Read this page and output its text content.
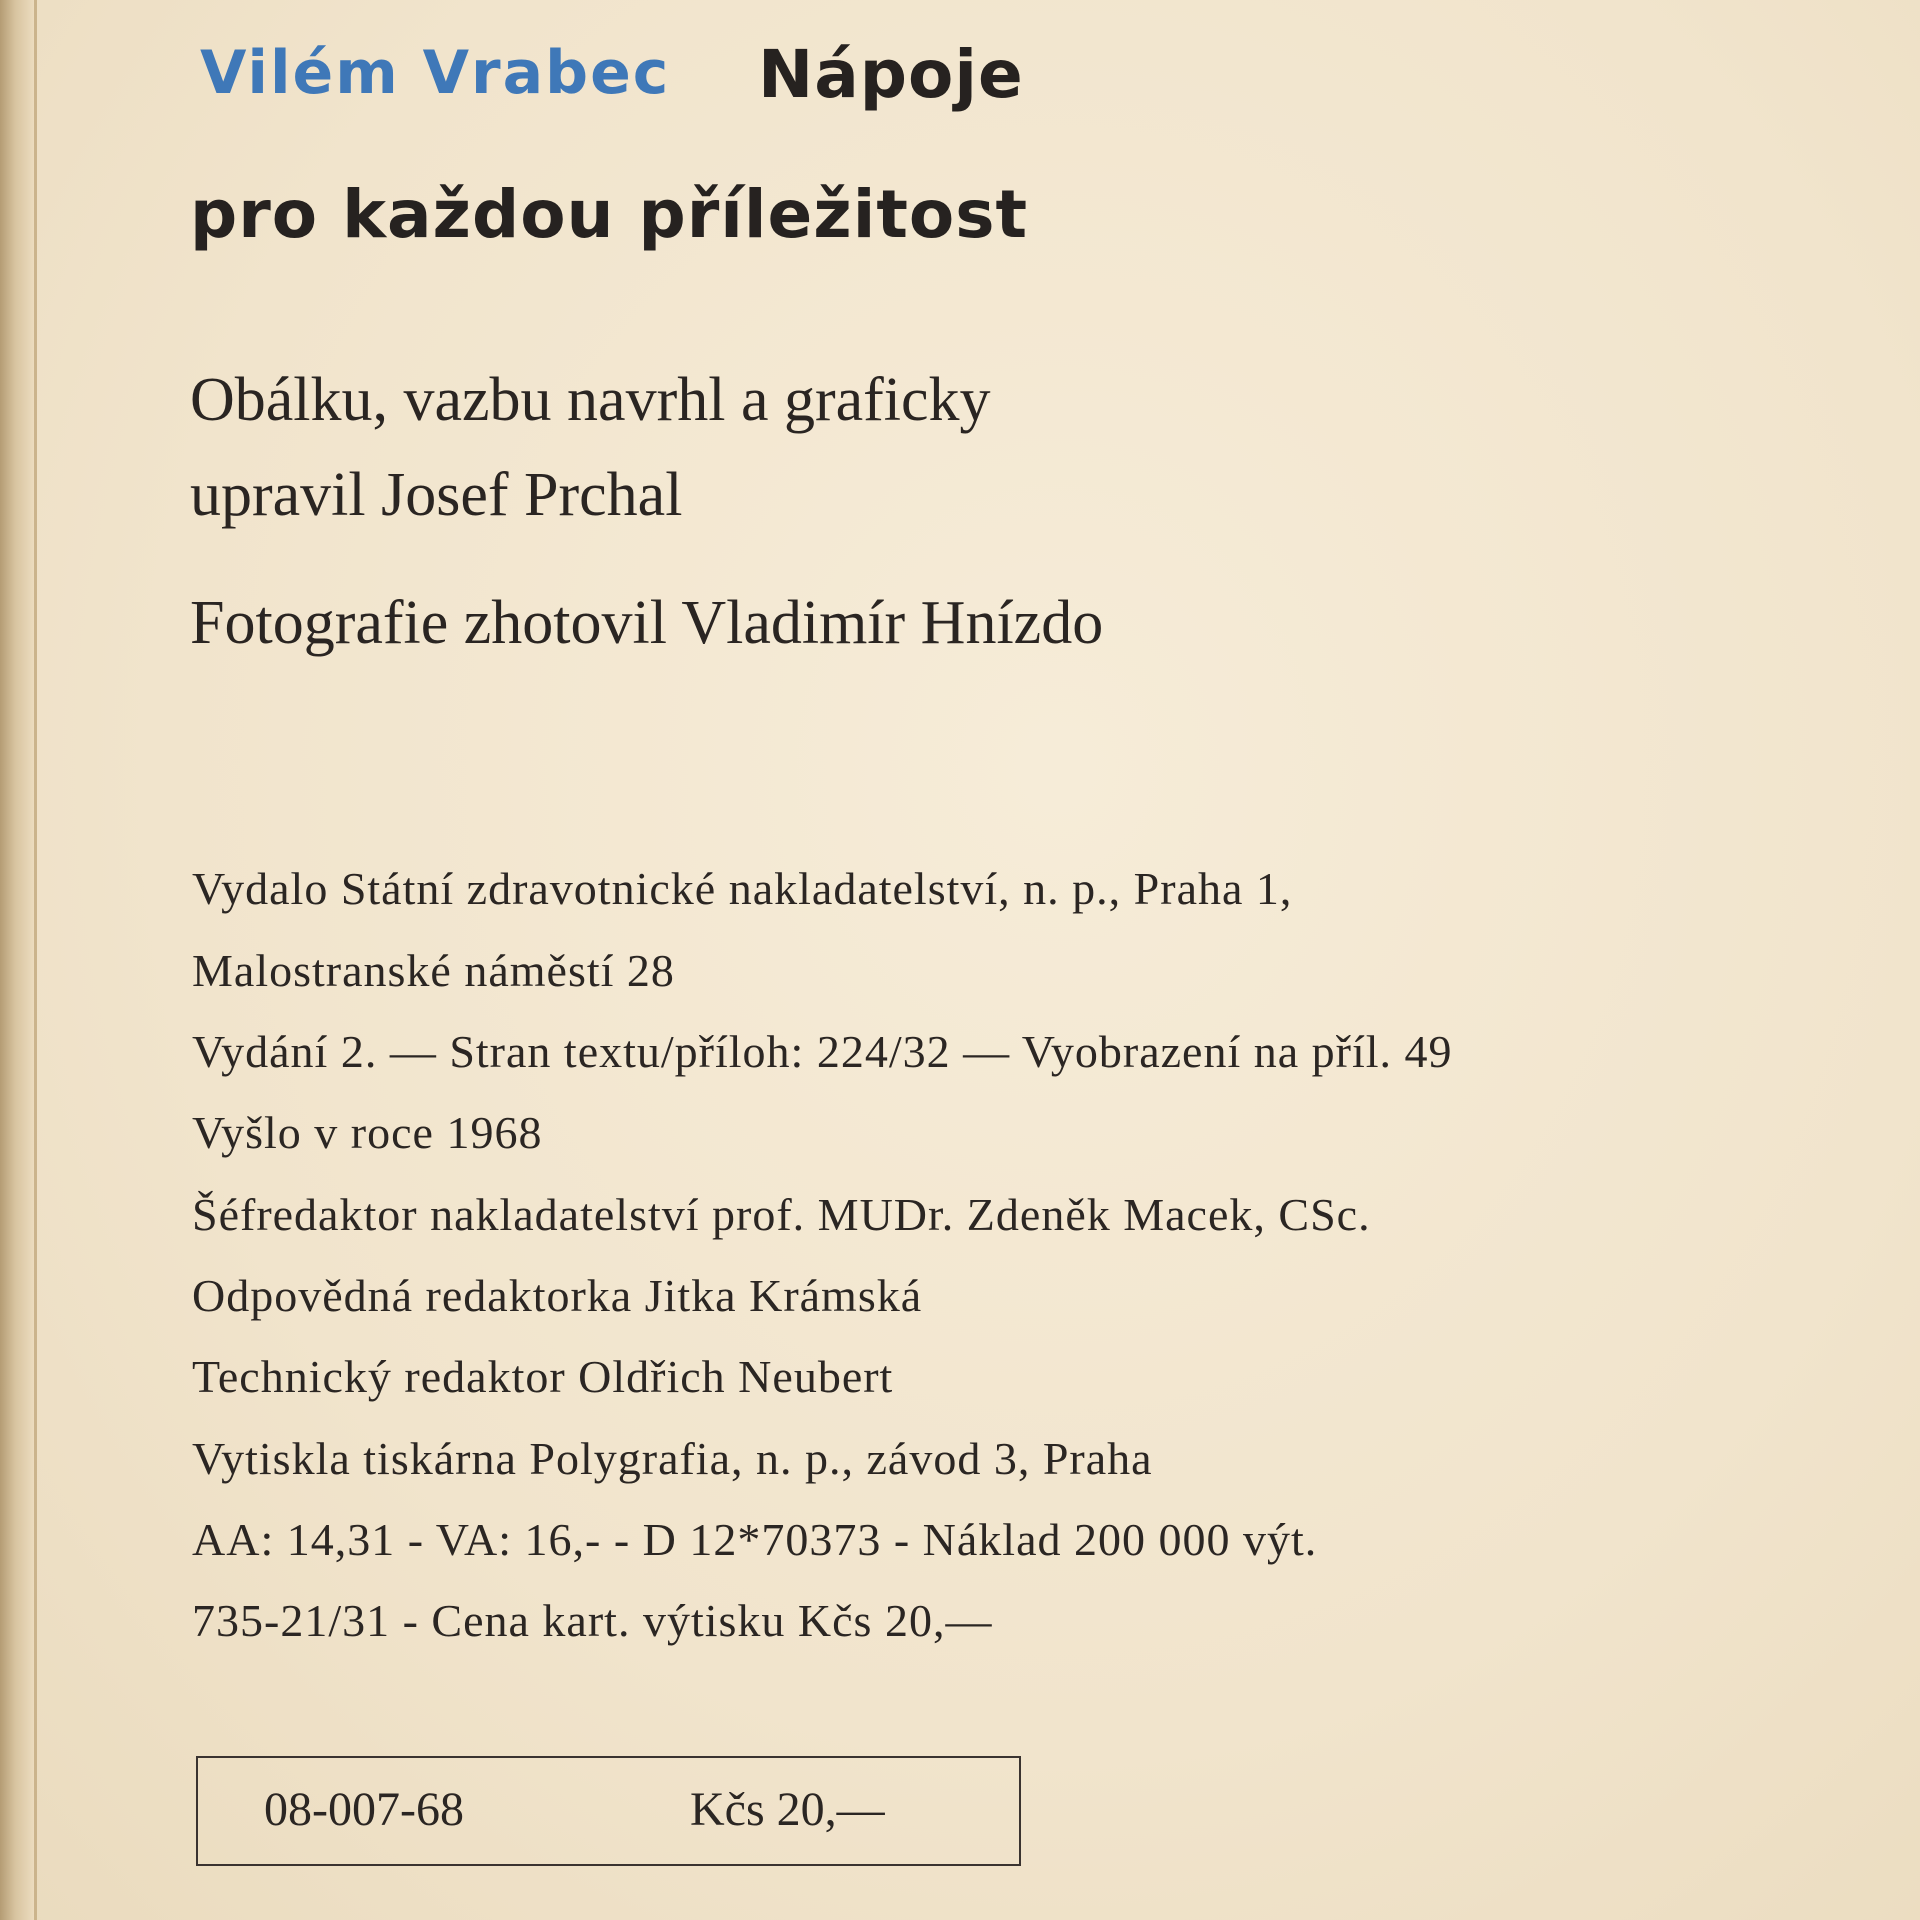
Vilém Vrabec Nápoje
pro každou příležitost
Obálku, vazbu navrhl a graficky
upravil Josef Prchal
Fotografie zhotovil Vladimír Hnízdo
Vydalo Státní zdravotnické nakladatelství, n. p., Praha 1,
Malostranské náměstí 28
Vydání 2. — Stran textu/příloh: 224/32 — Vyobrazení na příl. 49
Vyšlo v roce 1968
Šéfredaktor nakladatelství prof. MUDr. Zdeněk Macek, CSc.
Odpovědná redaktorka Jitka Krámská
Technický redaktor Oldřich Neubert
Vytiskla tiskárna Polygrafia, n. p., závod 3, Praha
AA: 14,31 - VA: 16,- - D 12*70373 - Náklad 200 000 výt.
735-21/31 - Cena kart. výtisku Kčs 20,—
08-007-68	Kčs 20,—
